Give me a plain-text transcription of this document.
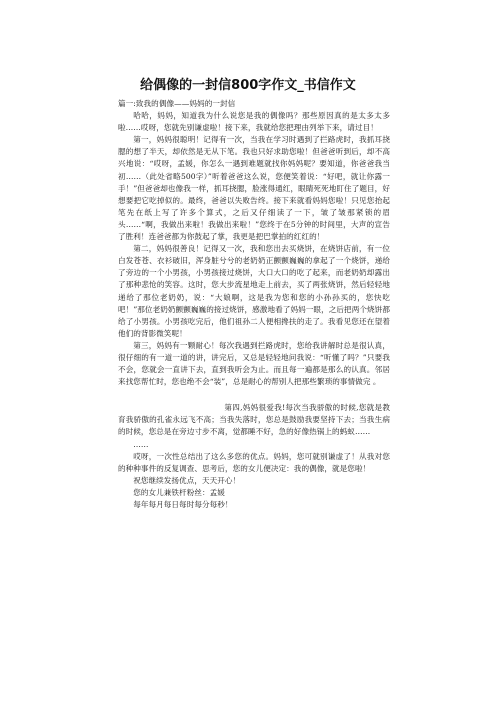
给偶像的一封信800字作文_书信作文

篇一:致我的偶像——妈妈的一封信

哈哈，妈妈，知道我为什么说您是我的偶像吗？那些原因真的是太多太多啦……哎呀，您就先别谦虚啦！接下来，我就给您把理由列举下来，请过目！

第一，妈妈很聪明！记得有一次，当我在学习时遇到了拦路虎时，我抓耳挠腮的想了半天，却依然是无从下笔。我也只好求助您啦！但爸爸听到后，却不高兴地说：“哎呀，孟媛，你怎么一遇到难题就找你妈妈呢？要知道，你爸爸我当初……（此处省略500字）”听着爸爸这么说，您便笑着说：“好吧，就让你露一手！”但爸爸却也像我一样，抓耳挠腮，脸涨得通红，眼睛死死地盯住了题目，好想要把它吃掉似的。最终，爸爸以失败告终。接下来就看妈妈您啦！只见您抬起笔先在纸上写了许多个算式，之后又仔细读了一下，皱了皱那紧锁的眉头……“啊，我做出来啦！我做出来啦！”您终于在5分钟的时间里，大声的宣告了胜利！连爸爸都为你鼓起了掌，我更是把巴掌拍的红红的！

第二，妈妈很善良！记得又一次，我和您出去买烧饼，在烧饼店前，有一位白发苍苍、衣衫破旧，浑身脏兮兮的老奶奶正颤颤巍巍的拿起了一个烧饼，递给了旁边的一个小男孩，小男孩接过烧饼，大口大口的吃了起来，而老奶奶却露出了那种悲怆的笑容。这时，您大步流星地走上前去，买了两张烧饼，然后轻轻地递给了那位老奶奶，说：“大娘啊，这是我为您和您的小孙孙买的，您快吃吧！”那位老奶奶颤颤巍巍的接过烧饼，感激地看了妈妈一眼，之后把两个烧饼都给了小男孩。小男孩吃完后，他们祖孙二人便相搀扶的走了。我看见您还在望着他们的背影微笑呢！

第三，妈妈有一颗耐心！每次我遇到拦路虎时，您给我讲解时总是很认真，很仔细的有一道一道的讲，讲完后，又总是轻轻地问我说：“听懂了吗？”只要我不会，您就会一直讲下去，直到我听会为止。而且每一遍都是那么的认真。邻居来找您帮忙时，您也绝不会“装”，总是耐心的帮别人把那些繁琐的事情做完 。

第四,妈妈很爱我!每次当我骄傲的时候,您就是教育我骄傲的孔雀永远飞不高；当我失落时，您总是鼓励我要坚持下去；当我生病的时候，您总是在旁边寸步不离，觉都睡不好，急的好像热锅上的蚂蚁……

……

哎呀，一次性总结出了这么多您的优点。妈妈，您可就别谦虚了！从我对您的种种事件的反复调查、思考后，您的女儿便决定：我的偶像，就是您啦！

祝您继续发扬优点，天天开心！

您的女儿兼铁杆粉丝：孟媛

每年每月每日每时每分每秒！
